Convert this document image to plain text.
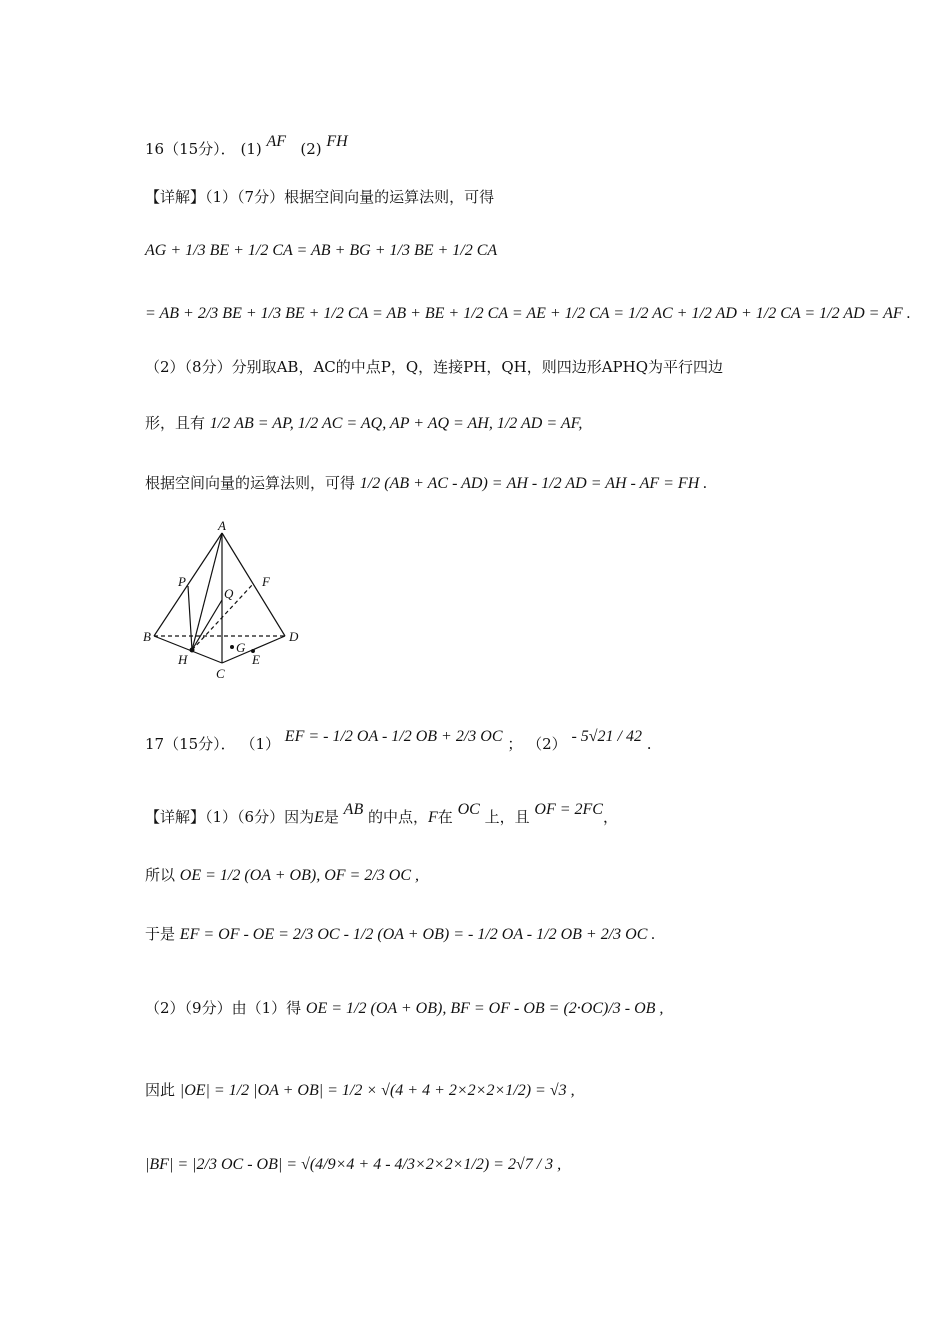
16（15分）． (1) AF (2) FH
【详解】（1）（7分）根据空间向量的运算法则，可得
AG + 1/3 BE + 1/2 CA = AB + BG + 1/3 BE + 1/2 CA
= AB + 2/3 BE + 1/3 BE + 1/2 CA = AB + BE + 1/2 CA = AE + 1/2 CA = 1/2 AC + 1/2 AD + 1/2 CA = 1/2 AD = AF .
（2）（8分）分别取AB，AC的中点P，Q，连接PH，QH，则四边形APHQ为平行四边
形，且有 1/2 AB = AP, 1/2 AC = AQ, AP + AQ = AH, 1/2 AD = AF,
根据空间向量的运算法则，可得 1/2 (AB + AC - AD) = AH - 1/2 AD = AH - AF = FH .
A
P	F
Q
B	D
H
G
E
C
17（15分）． （1） EF = - 1/2 OA - 1/2 OB + 2/3 OC ； （2） - 5√21 / 42 .
【详解】（1）（6分）因为E是 AB 的中点，F在 OC 上，且 OF = 2FC，
所以 OE = 1/2 (OA + OB), OF = 2/3 OC ,
于是 EF = OF - OE = 2/3 OC - 1/2 (OA + OB) = - 1/2 OA - 1/2 OB + 2/3 OC .
（2）（9分）由（1）得 OE = 1/2 (OA + OB), BF = OF - OB = (2·OC)/3 - OB ,
因此 |OE| = 1/2 |OA + OB| = 1/2 × √(4 + 4 + 2×2×2×1/2) = √3 ,
|BF| = |2/3 OC - OB| = √(4/9×4 + 4 - 4/3×2×2×1/2) = 2√7 / 3 ,
